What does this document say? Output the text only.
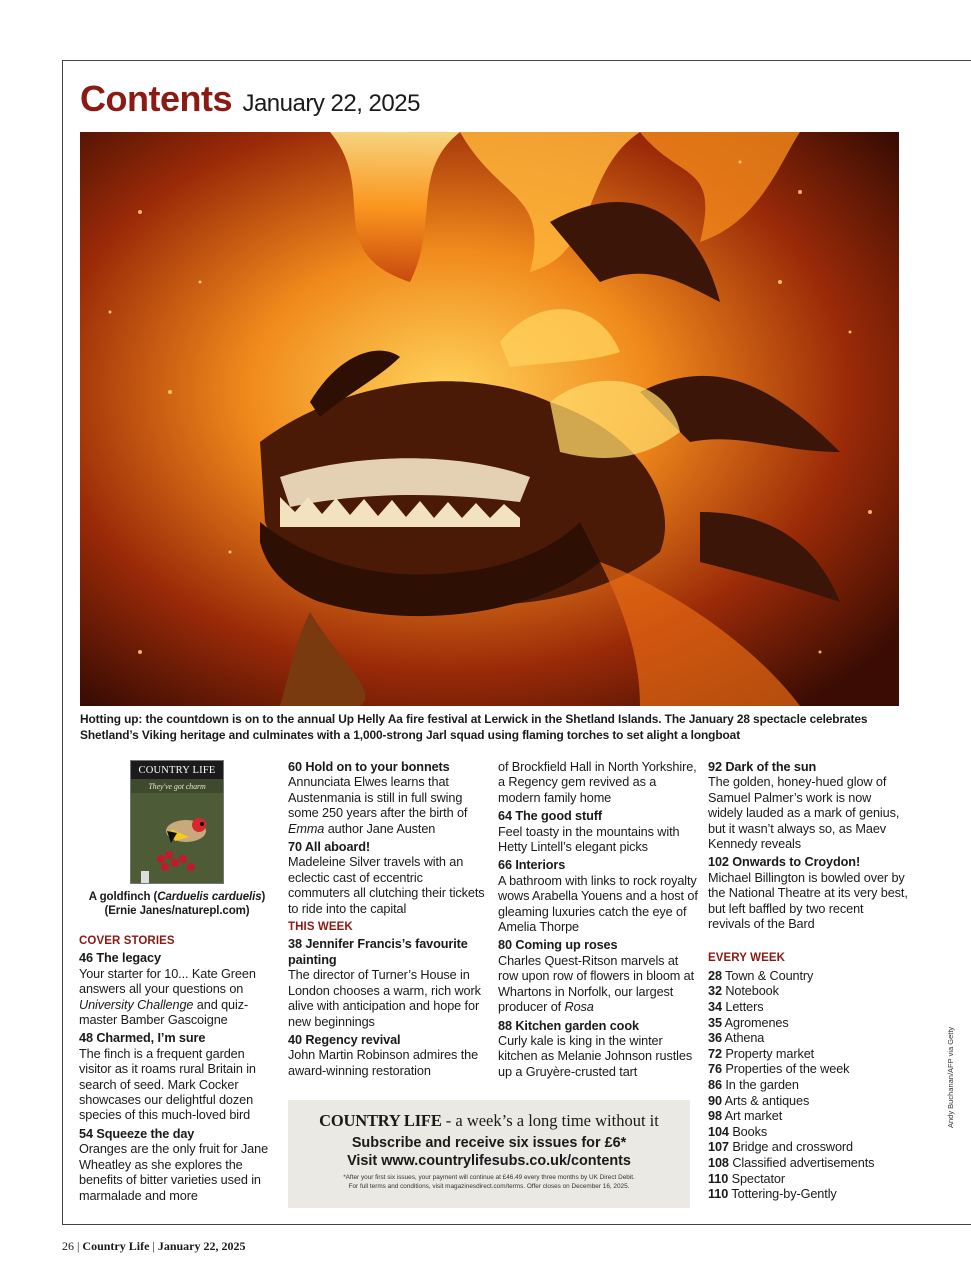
Contents January 22, 2025
Hotting up: the countdown is on to the annual Up Helly Aa fire festival at Lerwick in the Shetland Islands. The January 28 spectacle celebrates Shetland’s Viking heritage and culminates with a 1,000-strong Jarl squad using flaming torches to set alight a longboat
COUNTRY LIFE
They've got charm
A goldfinch (Carduelis carduelis)
(Ernie Janes/naturepl.com)
COVER STORIES
46 The legacy
Your starter for 10... Kate Green answers all your questions on University Challenge and quiz-master Bamber Gascoigne
48 Charmed, I’m sure
The finch is a frequent garden visitor as it roams rural Britain in search of seed. Mark Cocker showcases our delightful dozen species of this much-loved bird
54 Squeeze the day
Oranges are the only fruit for Jane Wheatley as she explores the benefits of bitter varieties used in marmalade and more
60 Hold on to your bonnets
Annunciata Elwes learns that Austenmania is still in full swing some 250 years after the birth of Emma author Jane Austen
70 All aboard!
Madeleine Silver travels with an eclectic cast of eccentric commuters all clutching their tickets to ride into the capital
THIS WEEK
38 Jennifer Francis’s favourite painting
The director of Turner’s House in London chooses a warm, rich work alive with anticipation and hope for new beginnings
40 Regency revival
John Martin Robinson admires the award-winning restoration
of Brockfield Hall in North Yorkshire, a Regency gem revived as a modern family home
64 The good stuff
Feel toasty in the mountains with Hetty Lintell’s elegant picks
66 Interiors
A bathroom with links to rock royalty wows Arabella Youens and a host of gleaming luxuries catch the eye of Amelia Thorpe
80 Coming up roses
Charles Quest-Ritson marvels at row upon row of flowers in bloom at Whartons in Norfolk, our largest producer of Rosa
88 Kitchen garden cook
Curly kale is king in the winter kitchen as Melanie Johnson rustles up a Gruyère-crusted tart
92 Dark of the sun
The golden, honey-hued glow of Samuel Palmer’s work is now widely lauded as a mark of genius, but it wasn’t always so, as Maev Kennedy reveals
102 Onwards to Croydon!
Michael Billington is bowled over by the National Theatre at its very best, but left baffled by two recent revivals of the Bard
EVERY WEEK
28 Town & Country
32 Notebook
34 Letters
35 Agromenes
36 Athena
72 Property market
76 Properties of the week
86 In the garden
90 Arts & antiques
98 Art market
104 Books
107 Bridge and crossword
108 Classified advertisements
110 Spectator
110 Tottering-by-Gently
COUNTRY LIFE - a week’s a long time without it
Subscribe and receive six issues for £6*
Visit www.countrylifesubs.co.uk/contents
*After your first six issues, your payment will continue at £46.49 every three months by UK Direct Debit.
For full terms and conditions, visit magazinesdirect.com/terms. Offer closes on December 16, 2025.
Andy Buchanan/AFP via Getty
26 | Country Life | January 22, 2025
